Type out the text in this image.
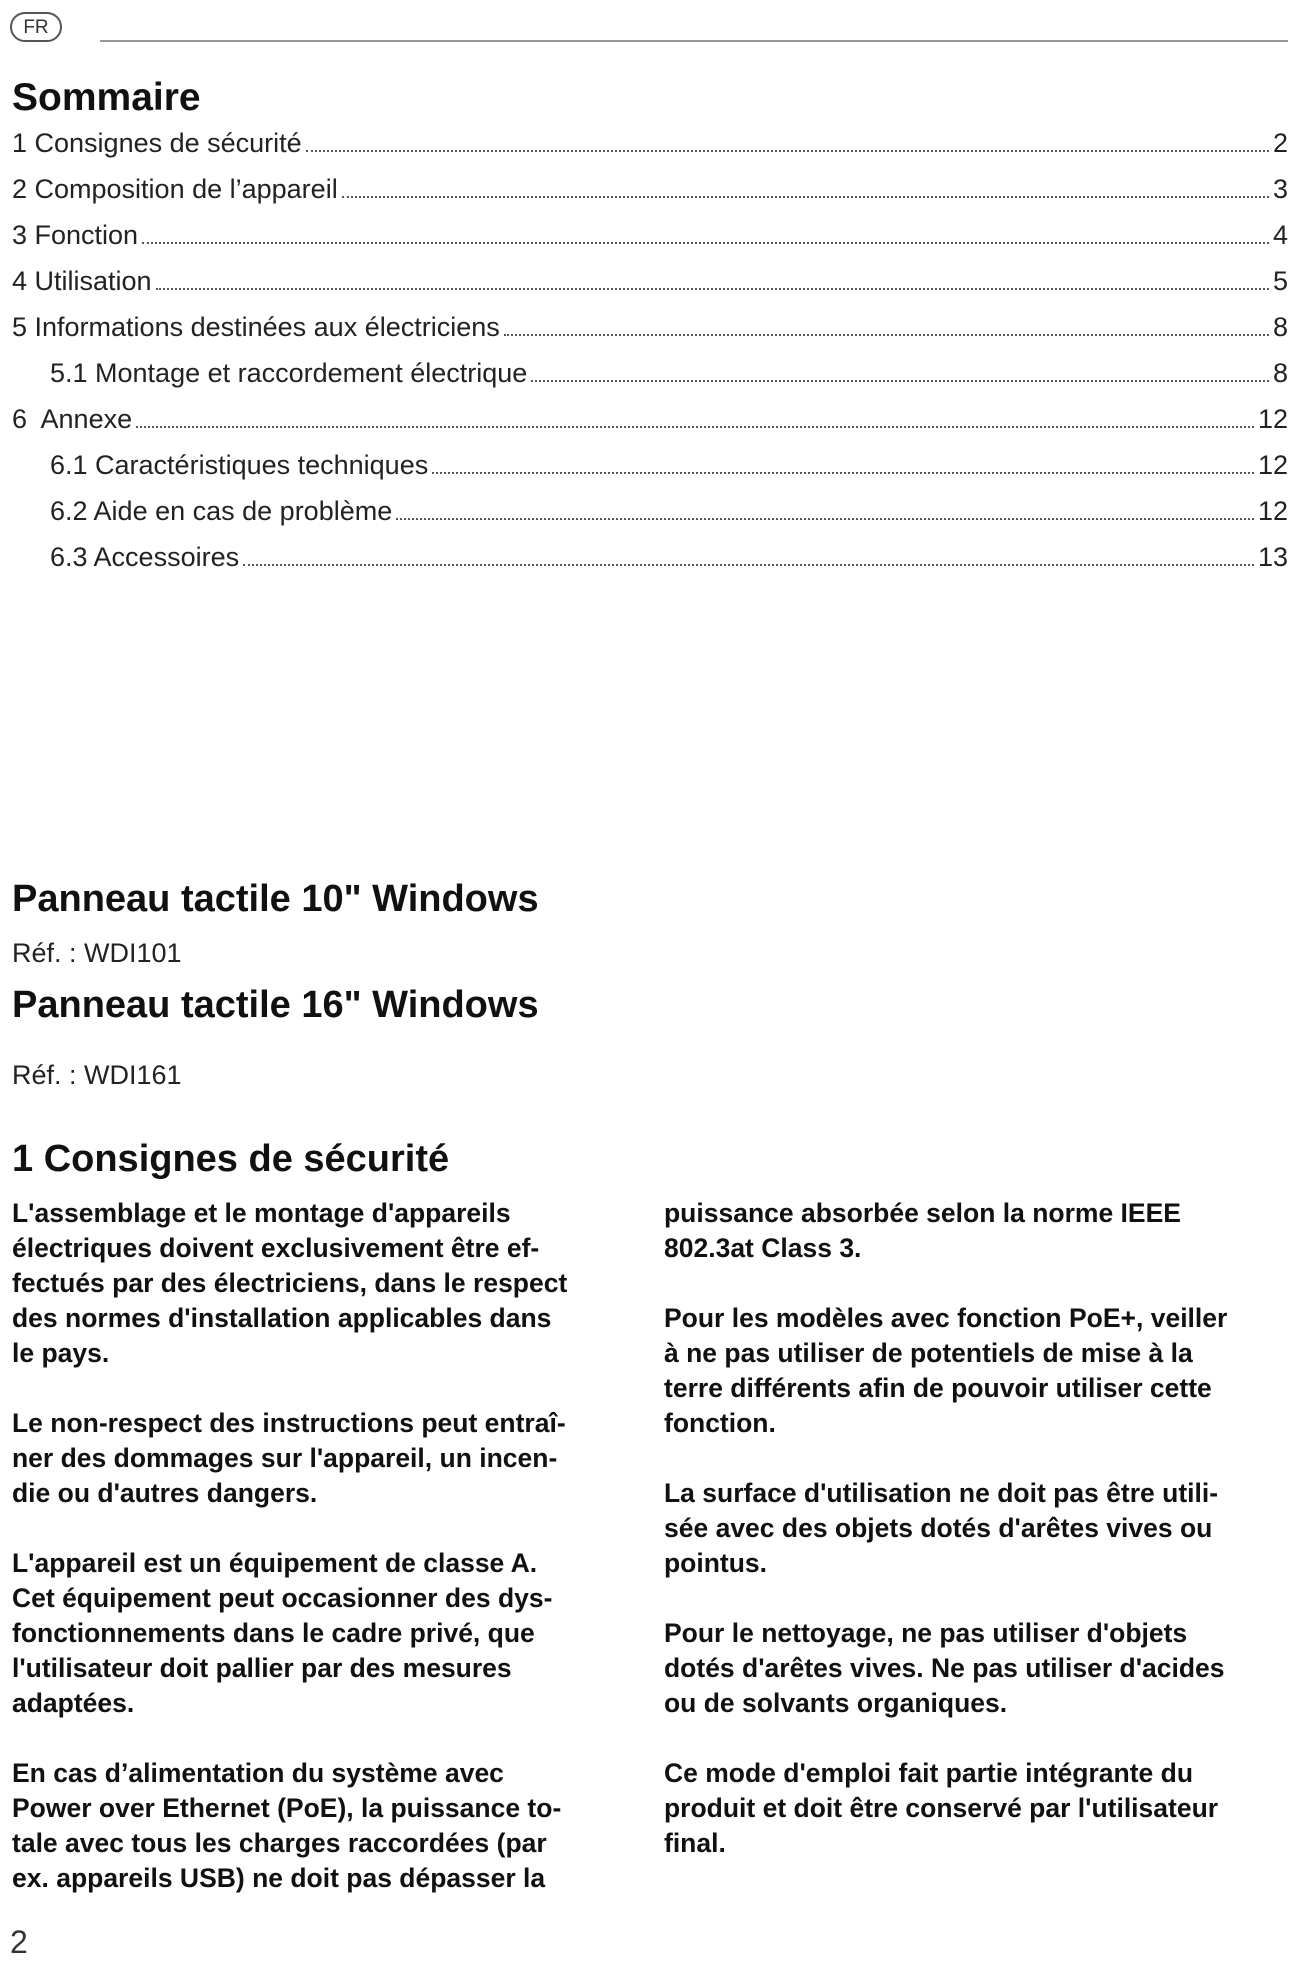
FR
Sommaire
1 Consignes de sécurité	2
2 Composition de l’appareil	3
3 Fonction	4
4 Utilisation	5
5 Informations destinées aux électriciens	8
5.1 Montage et raccordement électrique	8
6  Annexe	12
6.1 Caractéristiques techniques	12
6.2 Aide en cas de problème	12
6.3 Accessoires	13
Panneau tactile 10" Windows
Réf. : WDI101
Panneau tactile 16" Windows
Réf. : WDI161
1 Consignes de sécurité

L'assemblage et le montage d'appareils
électriques doivent exclusivement être ef-
fectués par des électriciens, dans le respect
des normes d'installation applicables dans
le pays.

Le non-respect des instructions peut entraî-
ner des dommages sur l'appareil, un incen-
die ou d'autres dangers.

L'appareil est un équipement de classe A.
Cet équipement peut occasionner des dys-
fonctionnements dans le cadre privé, que
l'utilisateur doit pallier par des mesures
adaptées.

En cas d’alimentation du système avec
Power over Ethernet (PoE), la puissance to-
tale avec tous les charges raccordées (par
ex. appareils USB) ne doit pas dépasser la

puissance absorbée selon la norme IEEE
802.3at Class 3.

Pour les modèles avec fonction PoE+, veiller
à ne pas utiliser de potentiels de mise à la
terre différents afin de pouvoir utiliser cette
fonction.

La surface d'utilisation ne doit pas être utili-
sée avec des objets dotés d'arêtes vives ou
pointus.

Pour le nettoyage, ne pas utiliser d'objets
dotés d'arêtes vives. Ne pas utiliser d'acides
ou de solvants organiques.

Ce mode d'emploi fait partie intégrante du
produit et doit être conservé par l'utilisateur
final.

2
